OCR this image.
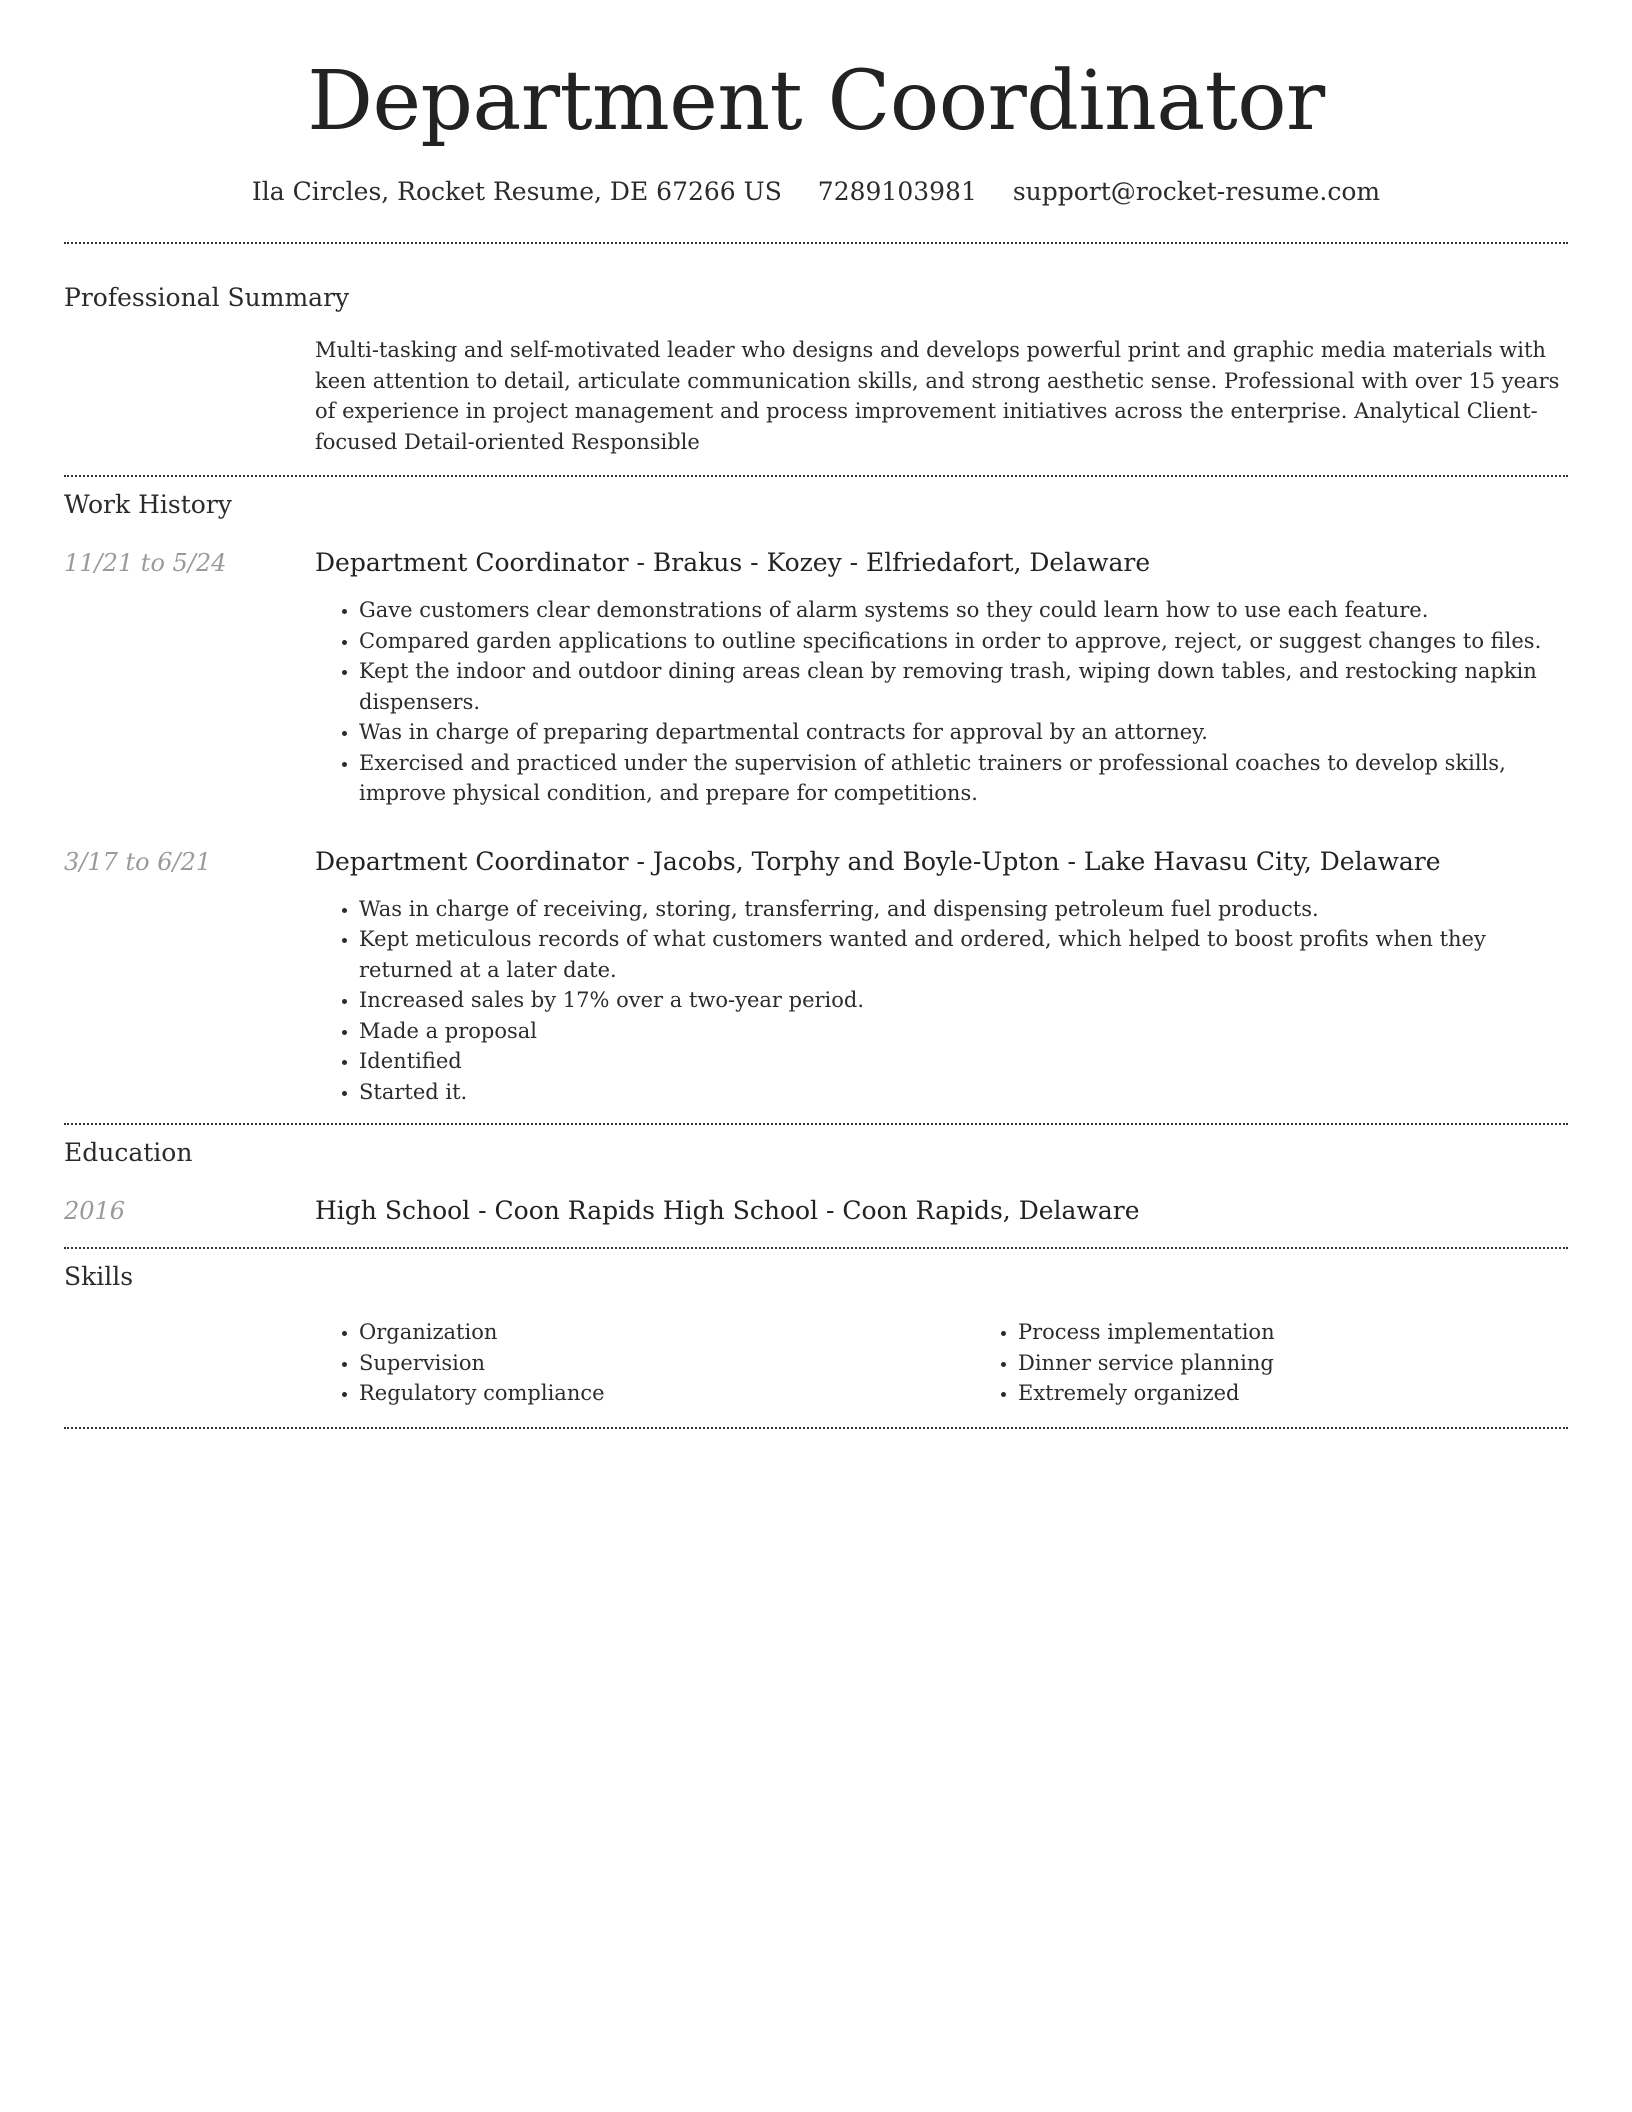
Department Coordinator
Ila Circles, Rocket Resume, DE 67266 US 7289103981 support@rocket-resume.com
Professional Summary

Multi-tasking and self-motivated leader who designs and develops powerful print and graphic media materials with keen attention to detail, articulate communication skills, and strong aesthetic sense. Professional with over 15 years of experience in project management and process improvement initiatives across the enterprise. Analytical Client-focused Detail-oriented Responsible

Work History
11/21 to 5/24	Department Coordinator - Brakus - Kozey - Elfriedafort, Delaware
• Gave customers clear demonstrations of alarm systems so they could learn how to use each feature.
• Compared garden applications to outline specifications in order to approve, reject, or suggest changes to files.
• Kept the indoor and outdoor dining areas clean by removing trash, wiping down tables, and restocking napkin dispensers.
• Was in charge of preparing departmental contracts for approval by an attorney.
• Exercised and practiced under the supervision of athletic trainers or professional coaches to develop skills, improve physical condition, and prepare for competitions.
3/17 to 6/21	Department Coordinator - Jacobs, Torphy and Boyle-Upton - Lake Havasu City, Delaware
• Was in charge of receiving, storing, transferring, and dispensing petroleum fuel products.
• Kept meticulous records of what customers wanted and ordered, which helped to boost profits when they returned at a later date.
• Increased sales by 17% over a two-year period.
• Made a proposal
• Identified
• Started it.
Education
2016	High School - Coon Rapids High School - Coon Rapids, Delaware
Skills
• Organization
• Supervision
• Regulatory compliance
• Process implementation
• Dinner service planning
• Extremely organized
